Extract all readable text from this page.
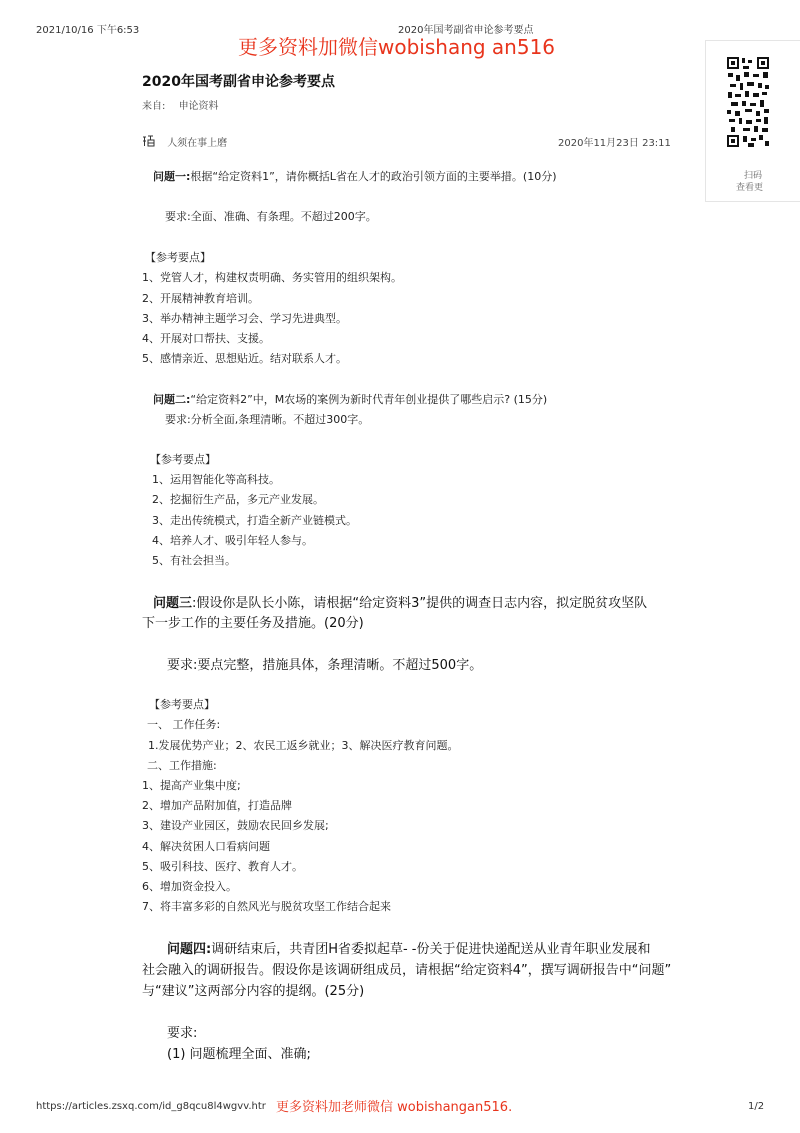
2021/10/16 下午6:53	2020年国考副省申论参考要点
更多资料加微信wobishang an516
扫码
查看更
2020年国考副省申论参考要点
来自: 申论资料
人须在事上磨	2020年11月23日 23:11
问题一:根据“给定资料1”，请你概括L省在人才的政治引领方面的主要举措。(10分)
要求:全面、准确、有条理。不超过200字。
【参考要点】
1、党管人才，构建权责明确、务实管用的组织架构。
2、开展精神教育培训。
3、举办精神主题学习会、学习先进典型。
4、开展对口帮扶、支援。
5、感情亲近、思想贴近。结对联系人才。
问题二:“给定资料2”中，M农场的案例为新时代青年创业提供了哪些启示? (15分)
要求:分析全面,条理清晰。不超过300字。
【参考要点】
1、运用智能化等高科技。
2、挖掘衍生产品，多元产业发展。
3、走出传统模式，打造全新产业链模式。
4、培养人才、吸引年轻人参与。
5、有社会担当。
问题三:假设你是队长小陈，请根据“给定资料3”提供的调查日志内容，拟定脱贫攻坚队
下一步工作的主要任务及措施。(20分)
要求:要点完整，措施具体，条理清晰。不超过500字。
【参考要点】
一、 工作任务:
1.发展优势产业；2、农民工返乡就业；3、解决医疗教育问题。
二、工作措施:
1、提高产业集中度;
2、增加产品附加值，打造品牌
3、建设产业园区，鼓励农民回乡发展;
4、解决贫困人口看病问题
5、吸引科技、医疗、教育人才。
6、增加资金投入。
7、将丰富多彩的自然风光与脱贫攻坚工作结合起来
问题四:调研结束后，共青团H省委拟起草- -份关于促进快递配送从业青年职业发展和
社会融入的调研报告。假设你是该调研组成员，请根据“给定资料4”，撰写调研报告中“问题”
与“建议”这两部分内容的提纲。(25分)
要求:
(1) 问题梳理全面、准确;
https://articles.zsxq.com/id_g8qcu8l4wgvv.htr 更多资料加老师微信 wobishangan516.	1/2
